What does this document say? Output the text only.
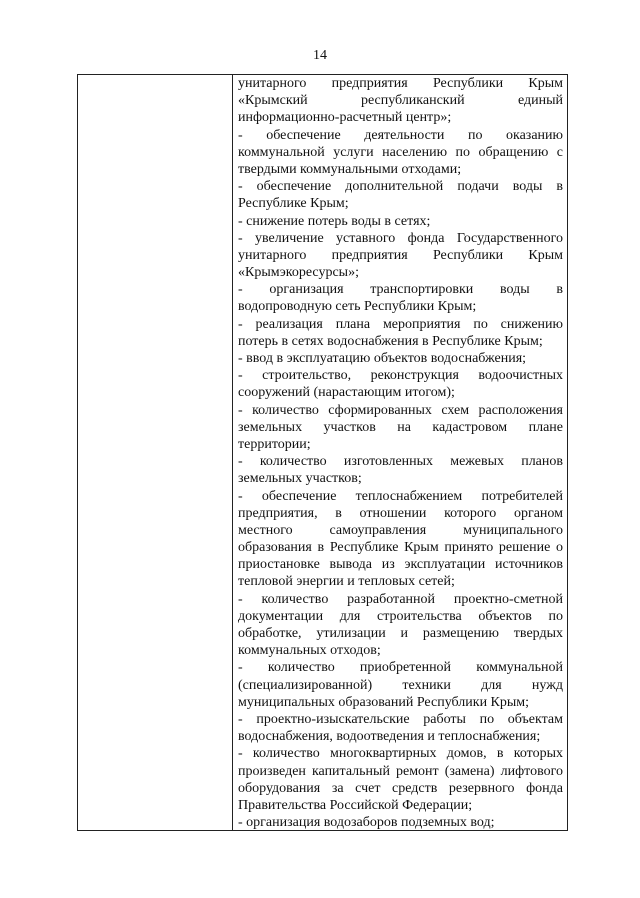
14
унитарного предприятия Республики Крым
«Крымский республиканский единый
информационно-расчетный центр»;
- обеспечение деятельности по оказанию
коммунальной услуги населению по обращению с
твердыми коммунальными отходами;
- обеспечение дополнительной подачи воды в
Республике Крым;
- снижение потерь воды в сетях;
- увеличение уставного фонда Государственного
унитарного предприятия Республики Крым
«Крымэкоресурсы»;
- организация транспортировки воды в
водопроводную сеть Республики Крым;
- реализация плана мероприятия по снижению
потерь в сетях водоснабжения в Республике Крым;
- ввод в эксплуатацию объектов водоснабжения;
- строительство, реконструкция водоочистных
сооружений (нарастающим итогом);
- количество сформированных схем расположения
земельных участков на кадастровом плане
территории;
- количество изготовленных межевых планов
земельных участков;
- обеспечение теплоснабжением потребителей
предприятия, в отношении которого органом
местного самоуправления муниципального
образования в Республике Крым принято решение о
приостановке вывода из эксплуатации источников
тепловой энергии и тепловых сетей;
- количество разработанной проектно-сметной
документации для строительства объектов по
обработке, утилизации и размещению твердых
коммунальных отходов;
- количество приобретенной коммунальной
(специализированной) техники для нужд
муниципальных образований Республики Крым;
- проектно-изыскательские работы по объектам
водоснабжения, водоотведения и теплоснабжения;
- количество многоквартирных домов, в которых
произведен капитальный ремонт (замена) лифтового
оборудования за счет средств резервного фонда
Правительства Российской Федерации;
- организация водозаборов подземных вод;
